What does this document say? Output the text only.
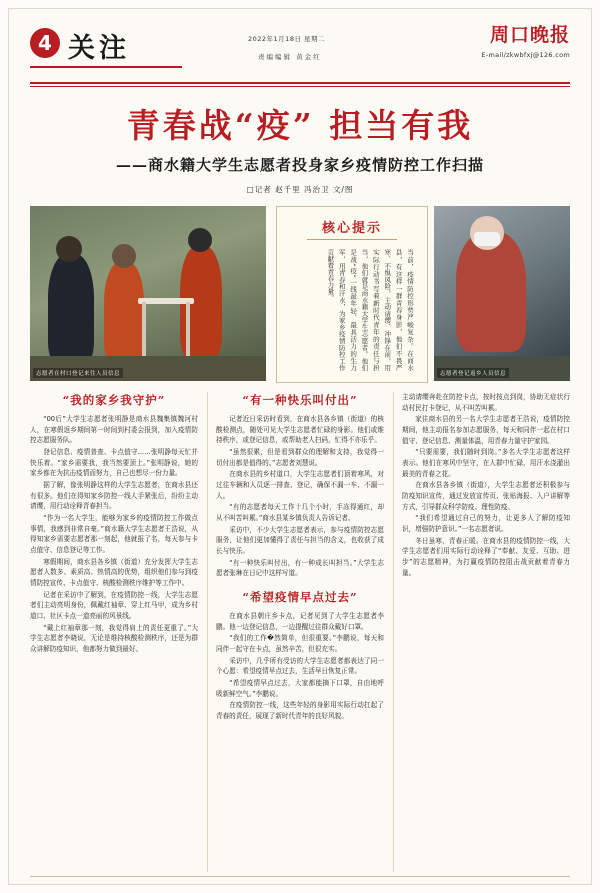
4 关注	2022年1月18日 星期二
责编编辑 黄金红
周口晚报
E-mail/zkwbfxj@126.com
青春战“疫” 担当有我
——商水籍大学生志愿者投身家乡疫情防控工作扫描
□记者 赵千里 冯治卫 文/图
志愿者在村口登记来往人员信息
核心提示
当前，疫情防控形势严峻复杂。在商水县，有这样一群青春身影，他们不畏严寒、不惧风险，主动请缨、冲锋在前，用实际行动书写着新时代青年的责任与担当，他们就是商水籍大学生志愿者。他们是战“疫”一线最年轻、最具活力的生力军，用青春和汗水，为家乡疫情防控工作贡献着青春力量。
志愿者登记返乡人员信息
“我的家乡我守护”

“00后”大学生志愿者张明静是商水县魏集镇魏河村人，在寒假返乡期间第一时间到村委会报到，加入疫情防控志愿服务队。

登记信息、疫情普查、卡点值守……张明静每天忙并快乐着。“家乡需要我，我当然要顶上。”张明静说，她的家乡都在为抗击疫情而努力，自己也想尽一份力量。

据了解，像张明静这样的大学生志愿者，在商水县还有很多。他们在得知家乡防控一线人手紧张后，纷纷主动请缨，用行动诠释青春担当。

“作为一名大学生，能够为家乡的疫情防控工作做点事情，我感到非常自豪。”商水籍大学生志愿者王浩说，从得知家乡需要志愿者那一刻起，他就报了名，每天参与卡点值守、信息登记等工作。

寒假期间，商水县各乡镇（街道）充分发挥大学生志愿者人数多、素质高、热情高的优势，组织他们参与到疫情防控宣传、卡点值守、核酸检测秩序维护等工作中。

记者在采访中了解到，在疫情防控一线，大学生志愿者们主动亮明身份，佩戴红袖章、穿上红马甲，成为乡村道口、社区卡点一道亮丽的风景线。

“戴上红袖章那一刻，我觉得肩上的责任更重了。”大学生志愿者李晓说，无论是维持核酸检测秩序，还是为群众讲解防疫知识，他都努力做到最好。

“有一种快乐叫付出”

记者近日采访时看到，在商水县各乡镇（街道）的核酸检测点，随处可见大学生志愿者忙碌的身影。他们或维持秩序，或登记信息，或帮助老人扫码，忙得不亦乐乎。

“虽然很累，但是看到群众的理解和支持，我觉得一切付出都是值得的。”志愿者刘慧说。

在商水县的乡村道口，大学生志愿者们顶着寒风，对过往车辆和人员逐一排查、登记，确保不漏一车、不漏一人。

“有的志愿者每天工作十几个小时，手冻得通红，却从不叫苦叫累。”商水县某乡镇负责人告诉记者。

采访中，不少大学生志愿者表示，参与疫情防控志愿服务，让他们更加懂得了责任与担当的含义，也收获了成长与快乐。

“有一种快乐叫付出，有一种成长叫担当。”大学生志愿者张琳在日记中这样写道。

“希望疫情早点过去”

在商水县朝庄乡卡点，记者见到了大学生志愿者李鹏。他一边登记信息，一边提醒过往群众戴好口罩。

“我们的工作�然简单，但很重要。”李鹏说，每天和同伴一起守在卡点，虽然辛苦，但很充实。

采访中，几乎所有受访的大学生志愿者都表达了同一个心愿：希望疫情早点过去，生活早日恢复正常。

“希望疫情早点过去，大家都能摘下口罩，自由地呼吸新鲜空气。”李鹏说。

在疫情防控一线，这些年轻的身影用实际行动扛起了青春的责任，展现了新时代青年的良好风貌。

主动请缨奔赴在防控卡点，按时按点到岗，协助无症状行动村民打卡登记，从不叫苦叫累。

家住商水县的另一名大学生志愿者王浩说，疫情防控期间，他主动报名参加志愿服务，每天和同伴一起在村口值守、登记信息、测量体温，用青春力量守护家园。

“只要需要，我们随时到岗。”多名大学生志愿者这样表示。他们在寒风中坚守，在人群中忙碌，用汗水浇灌出最美的青春之花。

在商水县各乡镇（街道），大学生志愿者还积极参与防疫知识宣传，通过发放宣传页、张贴海报、入户讲解等方式，引导群众科学防疫、理性防疫。

“我们希望通过自己的努力，让更多人了解防疫知识，增强防护意识。”一名志愿者说。

冬日虽寒，青春正暖。在商水县的疫情防控一线，大学生志愿者们用实际行动诠释了“奉献、友爱、互助、进步”的志愿精神，为打赢疫情防控阻击战贡献着青春力量。
